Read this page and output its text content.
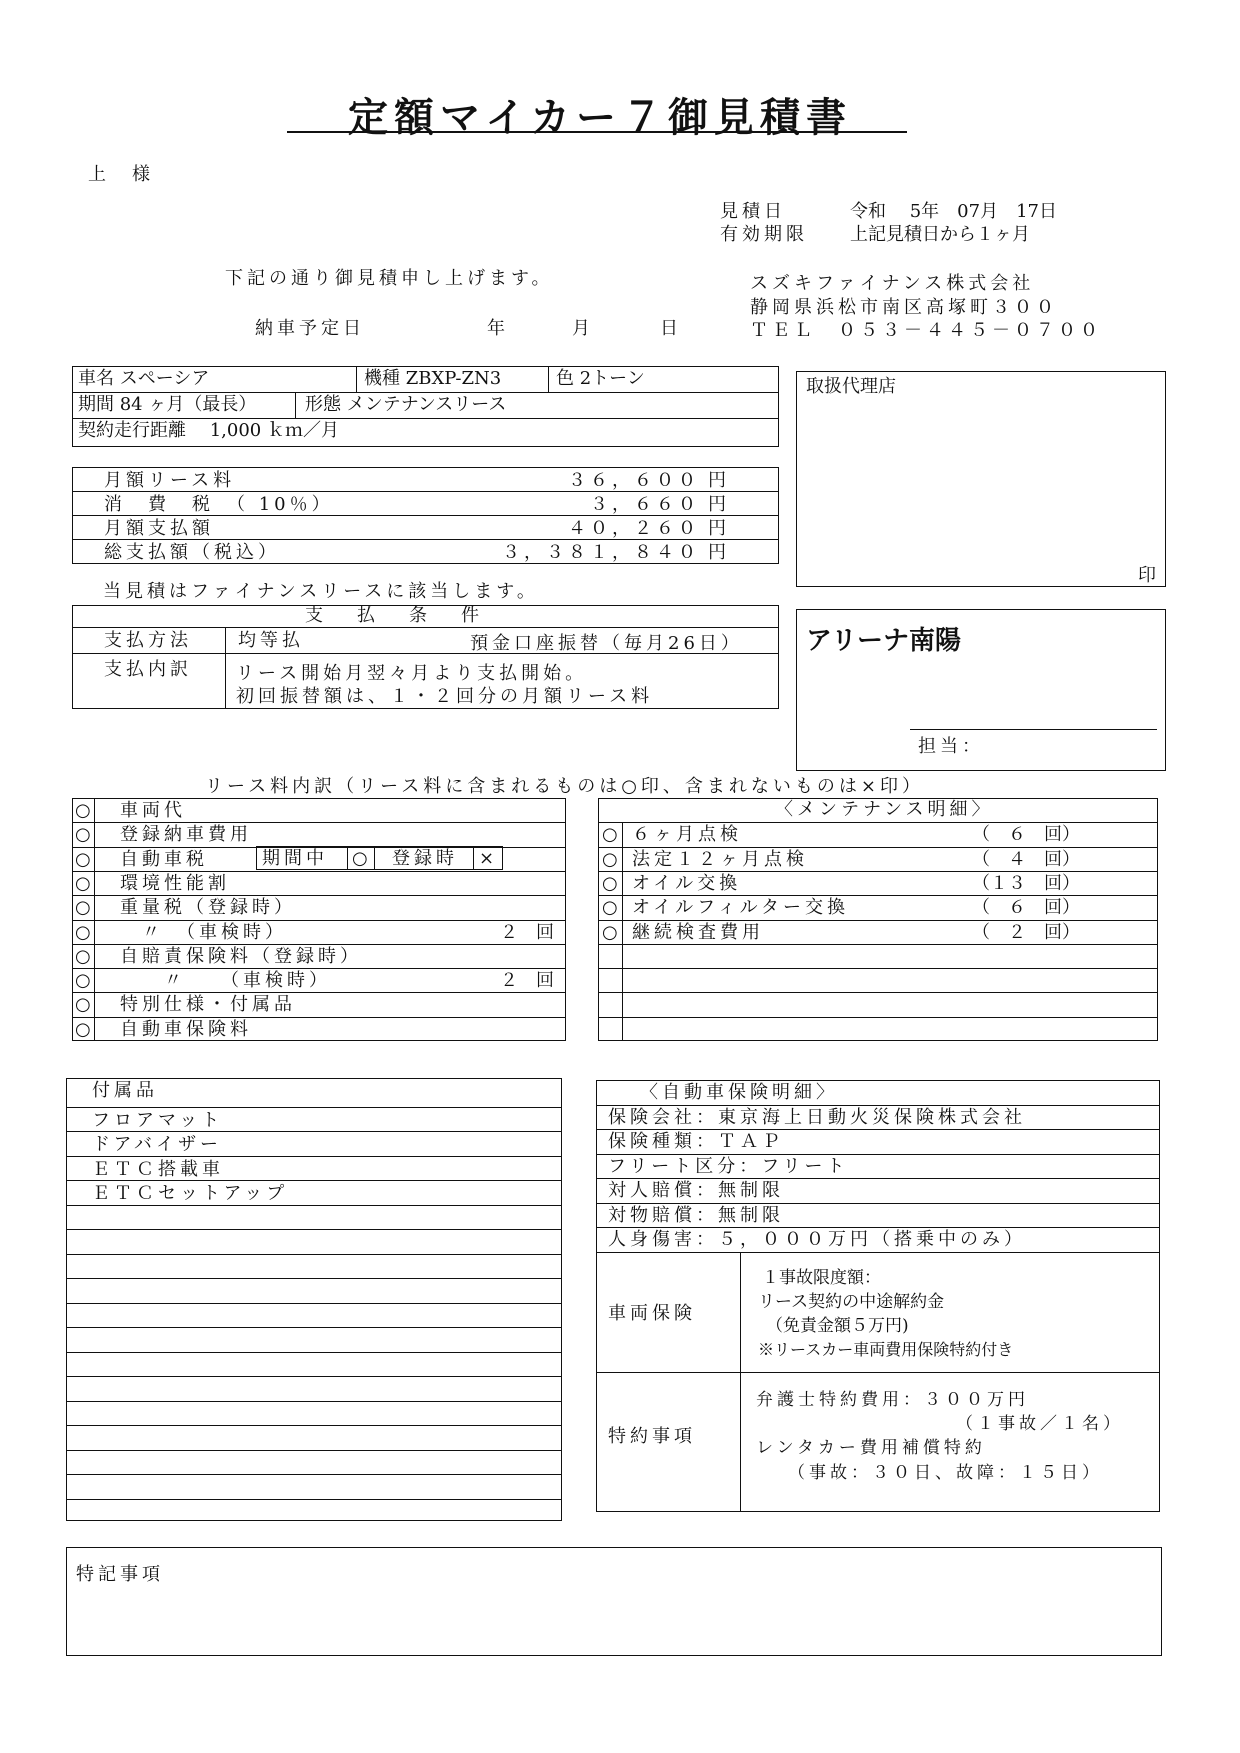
定額マイカー７御見積書
上　様
見積日	令和　 5年　07月　17日
有効期限 上記見積日から１ヶ月
下記の通り御見積申し上げます。	スズキファイナンス株式会社
静岡県浜松市南区高塚町３００
ＴＥＬ　０５３－４４５－０７００
納車予定日	年	月	日
車名 スペーシア	機種 ZBXP-ZN3	色 2トーン
期間 84 ヶ月（最長）	形態 メンテナンスリース
契約走行距離　 1,000 ｋｍ／月
月額リース料	３６，６００ 円
消　費　税　（ 10％）	３，６６０ 円
月額支払額	４０，２６０ 円
総支払額（税込）	３，３８１，８４０ 円
当見積はファイナンスリースに該当します。
支　払　条　件
支払方法	均等払	預金口座振替（毎月26日）
支払内訳 リース開始月翌々月より支払開始。
初回振替額は、１・２回分の月額リース料
取扱代理店
印
アリーナ南陽
担当：
リース料内訳（リース料に含まれるものは○印、含まれないものは×印）
○ 車両代
○ 登録納車費用
○ 自動車税
○ 環境性能割
○ 重量税（登録時）
○ 　〃　（車検時）	２　回
○ 自賠責保険料（登録時）
○ 　　〃　　（車検時）	２　回
○ 特別仕様・付属品
○ 自動車保険料
期間中 ○ 登録時 ×
〈メンテナンス明細〉
○ ６ヶ月点検	（　６　回）
○ 法定１２ヶ月点検	（　４　回）
○ オイル交換	（１３　回）
○ オイルフィルター交換	（　６　回）
○ 継続検査費用	（　２　回）
付属品
フロアマット
ドアバイザー
ＥＴＣ搭載車
ＥＴＣセットアップ
〈自動車保険明細〉
保険会社：東京海上日動火災保険株式会社
保険種類：ＴＡＰ
フリート区分：フリート
対人賠償：無制限
対物賠償：無制限
人身傷害：５，０００万円（搭乗中のみ）
車両保険
１事故限度額：
リース契約の中途解約金
（免責金額５万円)
※リースカー車両費用保険特約付き
特約事項
弁護士特約費用：３００万円
（１事故／１名）
レンタカー費用補償特約
（事故：３０日、故障：１５日）
特記事項
